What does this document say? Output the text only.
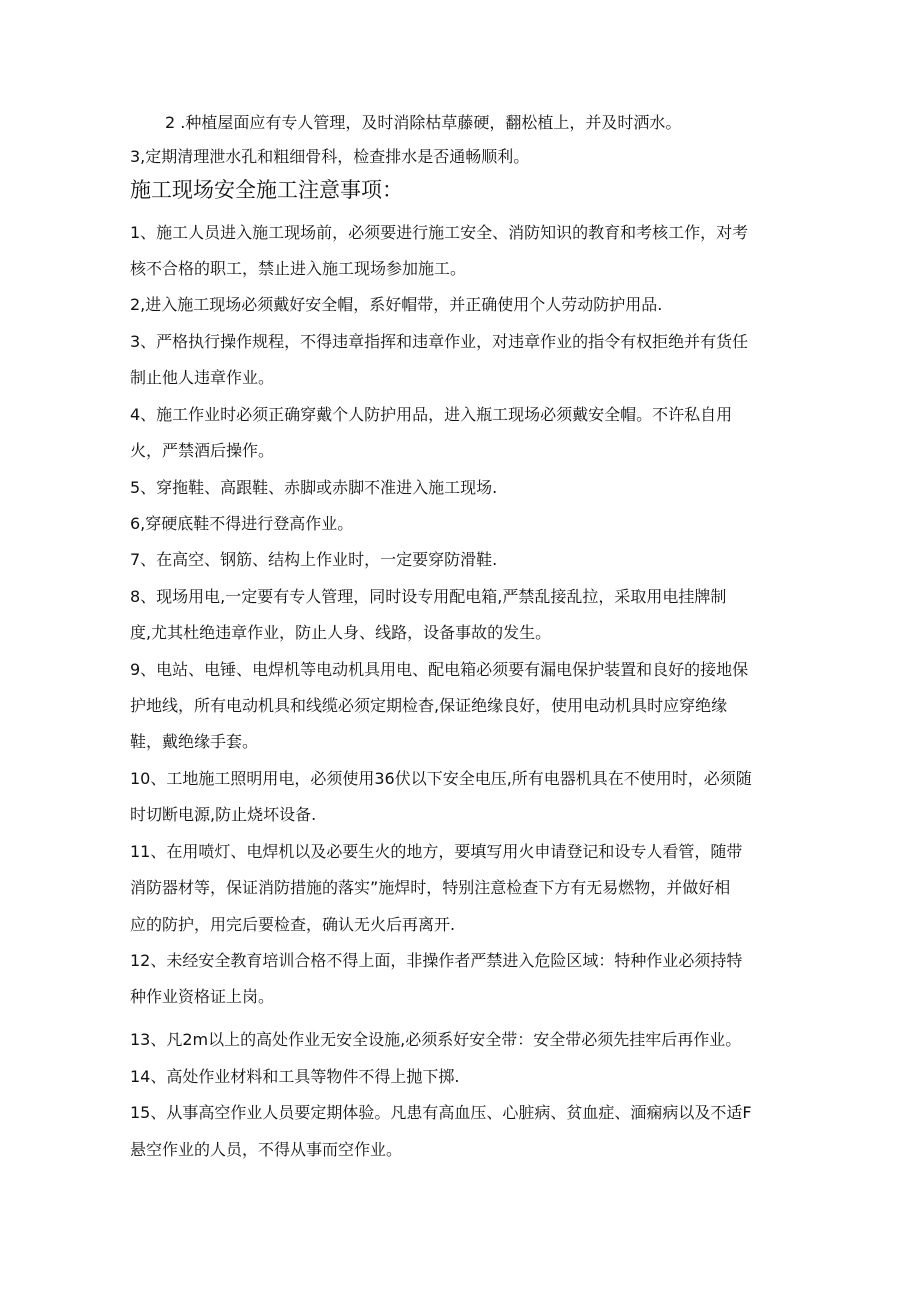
2 .种植屋面应有专人管理，及时消除枯草藤硬，翻松植上，并及时洒水。
3,定期清理泄水孔和粗细骨科，检查排水是否通畅顺利。
施工现场安全施工注意事项：
1、施工人员进入施工现场前，必须要进行施工安全、消防知识的教育和考核工作，对考
核不合格的职工，禁止进入施工现场参加施工。
2,进入施工现场必须戴好安全帽，系好帽带，并正确使用个人劳动防护用品.
3、严格执行操作规程，不得违章指挥和违章作业，对违章作业的指令有权拒绝并有货任
制止他人违章作业。
4、施工作业时必须正确穿戴个人防护用品，进入瓶工现场必须戴安全帽。不许私自用
火，严禁酒后操作。
5、穿拖鞋、高跟鞋、赤脚或赤脚不准进入施工现场.
6,穿硬底鞋不得进行登高作业。
7、在高空、钢筋、结构上作业时，一定要穿防滑鞋.
8、现场用电,一定要有专人管理，同时设专用配电箱,严禁乱接乱拉，采取用电挂牌制
度,尤其杜绝违章作业，防止人身、线路，设备事故的发生。
9、电站、电锤、电焊机等电动机具用电、配电箱必须要有漏电保护装置和良好的接地保
护地线，所有电动机具和线缆必须定期检杳,保证绝缘良好，使用电动机具时应穿绝缘
鞋，戴绝缘手套。
10、工地施工照明用电，必须使用36伏以下安全电压,所有电器机具在不使用时，必须随
时切断电源,防止烧坏设备.
11、在用喷灯、电焊机以及必要生火的地方，要填写用火申请登记和设专人看管，随带
消防器材等，保证消防措施的落实”施焊时，特别注意检查下方有无易燃物，并做好相
应的防护，用完后要检查，确认无火后再离开.
12、未经安全教育培训合格不得上面，非操作者严禁进入危险区域：特种作业必须持特
种作业资格证上岗。
13、凡2m以上的高处作业无安全设施,必须系好安全带：安全带必须先挂牢后再作业。
14、高处作业材料和工具等物件不得上抛下掷.
15、从事高空作业人员要定期体验。凡患有高血压、心脏病、贫血症、湎痫病以及不适F
悬空作业的人员，不得从事而空作业。
